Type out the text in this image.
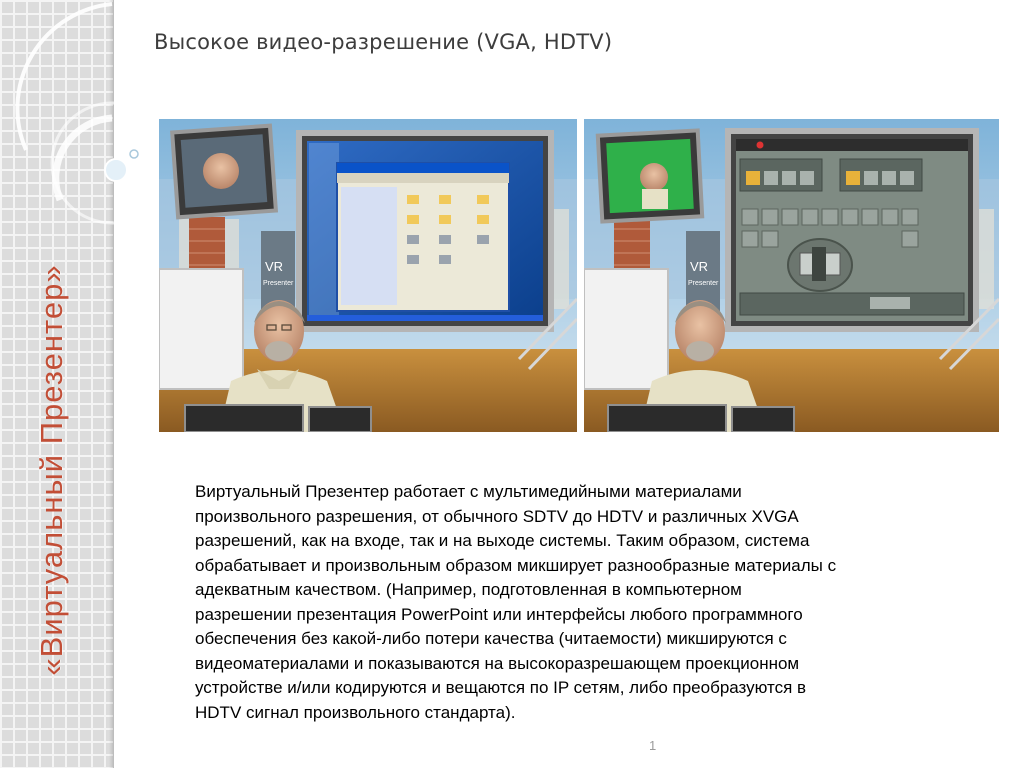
«Виртуальный Презентер»
Высокое видео-разрешение (VGA, HDTV)
VR
Presenter
VR
Presenter
Виртуальный Презентер работает с мультимедийными материалами
произвольного разрешения, от обычного SDTV до HDTV и различных XVGA
разрешений, как на входе, так и на выходе системы. Таким образом, система
обрабатывает и произвольным образом микширует разнообразные материалы с
адекватным качеством. (Например, подготовленная в компьютерном
разрешении презентация PowerPoint или интерфейсы любого программного
обеспечения без какой-либо потери качества (читаемости) микшируются с
видеоматериалами и показываются на высокоразрешающем проекционном
устройстве и/или кодируются и вещаются по IP сетям, либо преобразуются в
HDTV сигнал произвольного стандарта).
1
